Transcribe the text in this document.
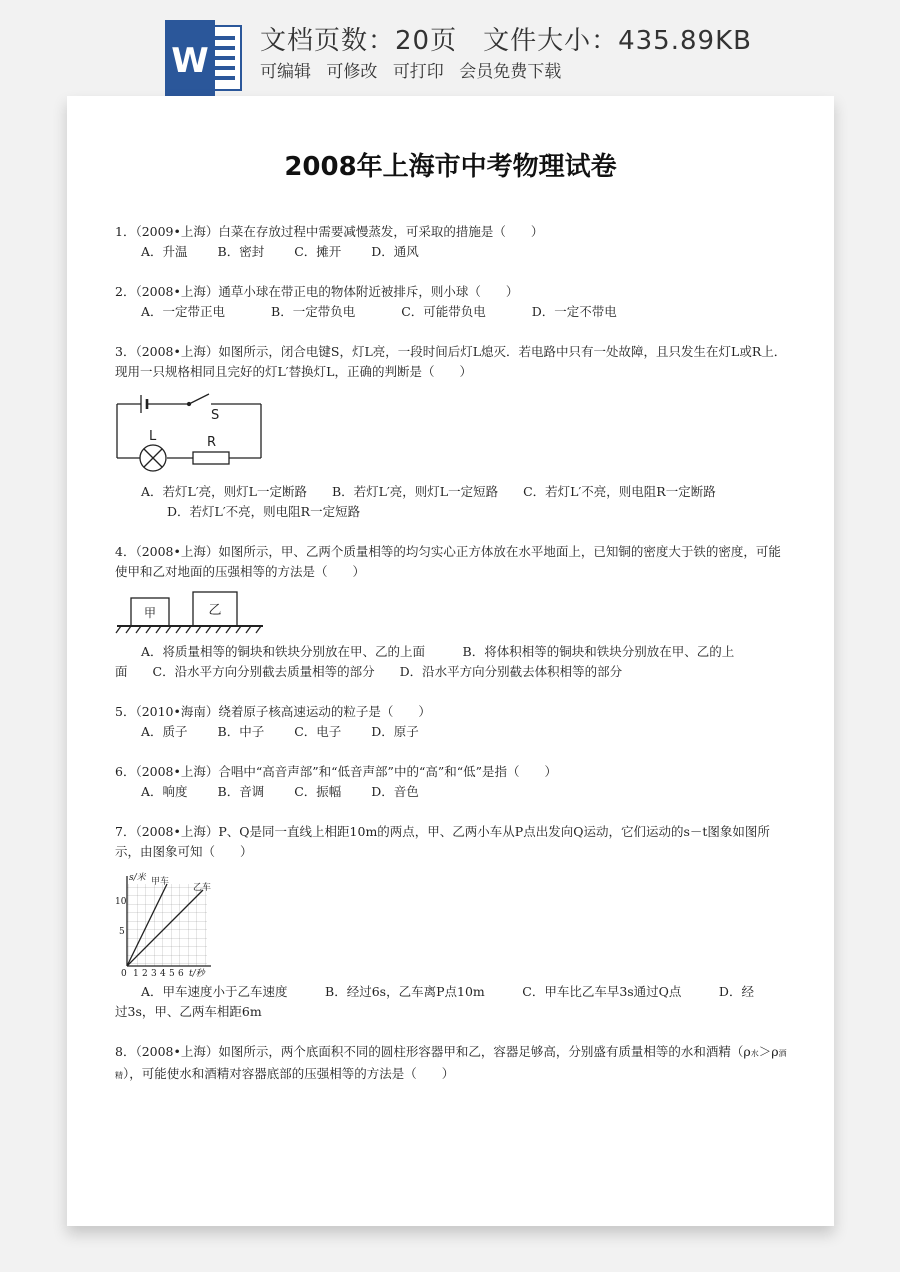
W 文档页数：20页 文件大小：435.89KB
可编辑 可修改 可打印 会员免费下载
2008年上海市中考物理试卷
1．（2009•上海）白菜在存放过程中需要减慢蒸发，可采取的措施是（　　）
A．升温 B．密封 C．摊开 D．通风
2．（2008•上海）通草小球在带正电的物体附近被排斥，则小球（　　）
A．一定带正电	B．一定带负电	C．可能带负电	D．一定不带电
3．（2008•上海）如图所示，闭合电键S，灯L亮，一段时间后灯L熄灭．若电路中只有一处故障，且只发生在灯L或R上．现用一只规格相同且完好的灯L′替换灯L，正确的判断是（　　）
S
L	R
A．若灯L′亮，则灯L一定断路　　B．若灯L′亮，则灯L一定短路　　C．若灯L′不亮，则电阻R一定断路
D．若灯L′不亮，则电阻R一定短路
4．（2008•上海）如图所示，甲、乙两个质量相等的均匀实心正方体放在水平地面上，已知铜的密度大于铁的密度，可能使甲和乙对地面的压强相等的方法是（　　）
甲	乙
A．将质量相等的铜块和铁块分别放在甲、乙的上面　　　B．将体积相等的铜块和铁块分别放在甲、乙的上
面　　C．沿水平方向分别截去质量相等的部分　　D．沿水平方向分别截去体积相等的部分
5．（2010•海南）绕着原子核高速运动的粒子是（　　）
A．质子 B．中子 C．电子 D．原子
6．（2008•上海）合唱中“高音声部”和“低音声部”中的“高”和“低”是指（　　）
A．响度 B．音调 C．振幅 D．音色
7．（2008•上海）P、Q是同一直线上相距10m的两点，甲、乙两小车从P点出发向Q运动，它们运动的s－t图象如图所示，由图象可知（　　）
s/米 甲车
乙车
10
5
0 1 2 3 4 5 6 t/秒
A．甲车速度小于乙车速度　　　B．经过6s，乙车离P点10m　　　C．甲车比乙车早3s通过Q点　　　D．经
过3s，甲、乙两车相距6m
8．（2008•上海）如图所示，两个底面积不同的圆柱形容器甲和乙，容器足够高，分别盛有质量相等的水和酒精（ρ水＞ρ酒精），可能使水和酒精对容器底部的压强相等的方法是（　　）
